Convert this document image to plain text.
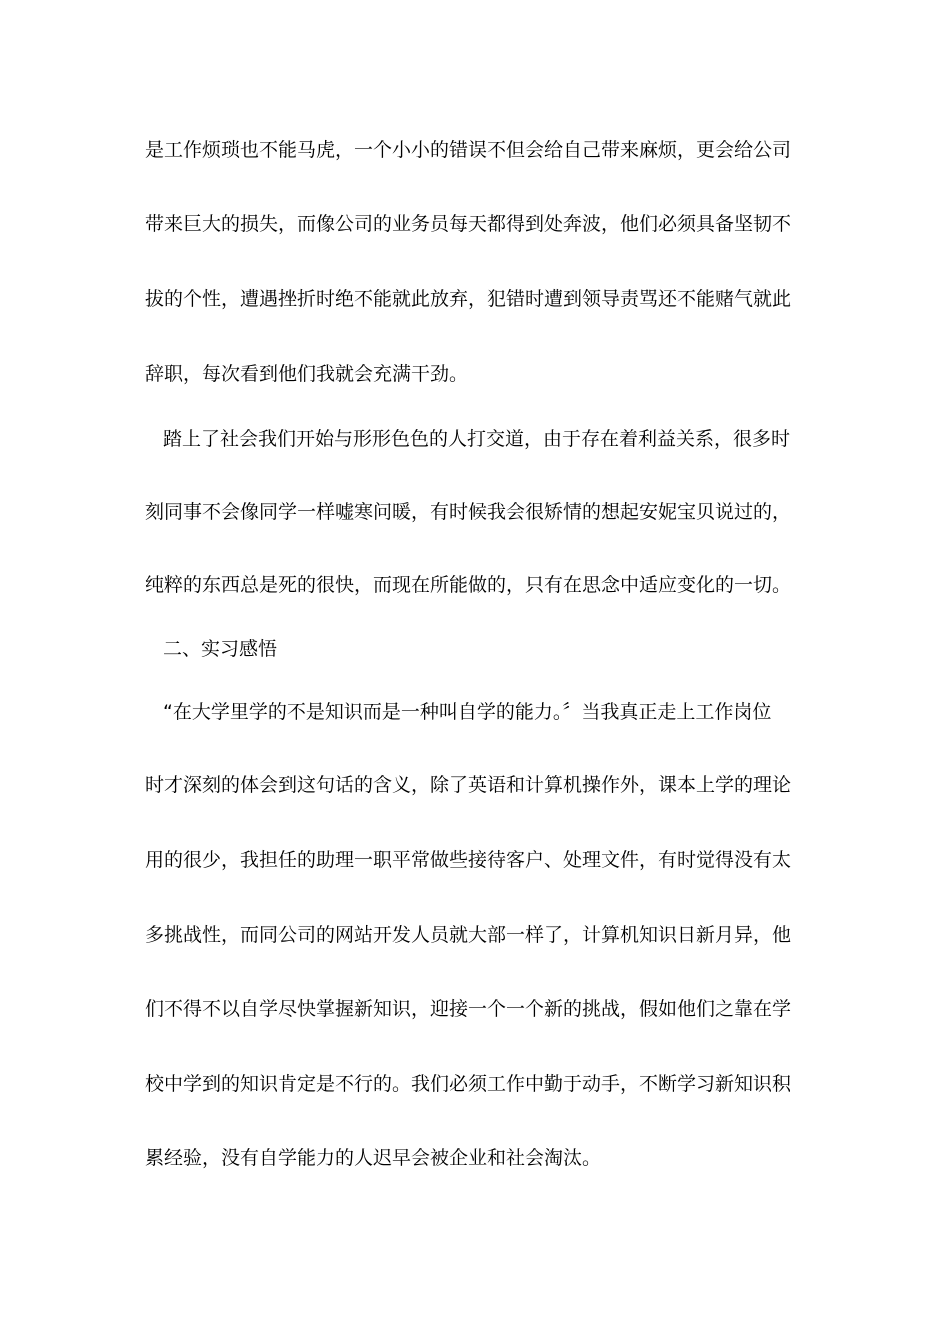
是工作烦琐也不能马虎，一个小小的错误不但会给自己带来麻烦，更会给公司
带来巨大的损失，而像公司的业务员每天都得到处奔波，他们必须具备坚韧不
拔的个性，遭遇挫折时绝不能就此放弃，犯错时遭到领导责骂还不能赌气就此
辞职，每次看到他们我就会充满干劲。
踏上了社会我们开始与形形色色的人打交道，由于存在着利益关系，很多时
刻同事不会像同学一样嘘寒问暖，有时候我会很矫情的想起安妮宝贝说过的，
纯粹的东西总是死的很快，而现在所能做的，只有在思念中适应变化的一切。
二、实习感悟
“在大学里学的不是知识而是一种叫自学的能力。〞当我真正走上工作岗位
时才深刻的体会到这句话的含义，除了英语和计算机操作外，课本上学的理论
用的很少，我担任的助理一职平常做些接待客户、处理文件，有时觉得没有太
多挑战性，而同公司的网站开发人员就大部一样了，计算机知识日新月异，他
们不得不以自学尽快掌握新知识，迎接一个一个新的挑战，假如他们之靠在学
校中学到的知识肯定是不行的。我们必须工作中勤于动手，不断学习新知识积
累经验，没有自学能力的人迟早会被企业和社会淘汰。
